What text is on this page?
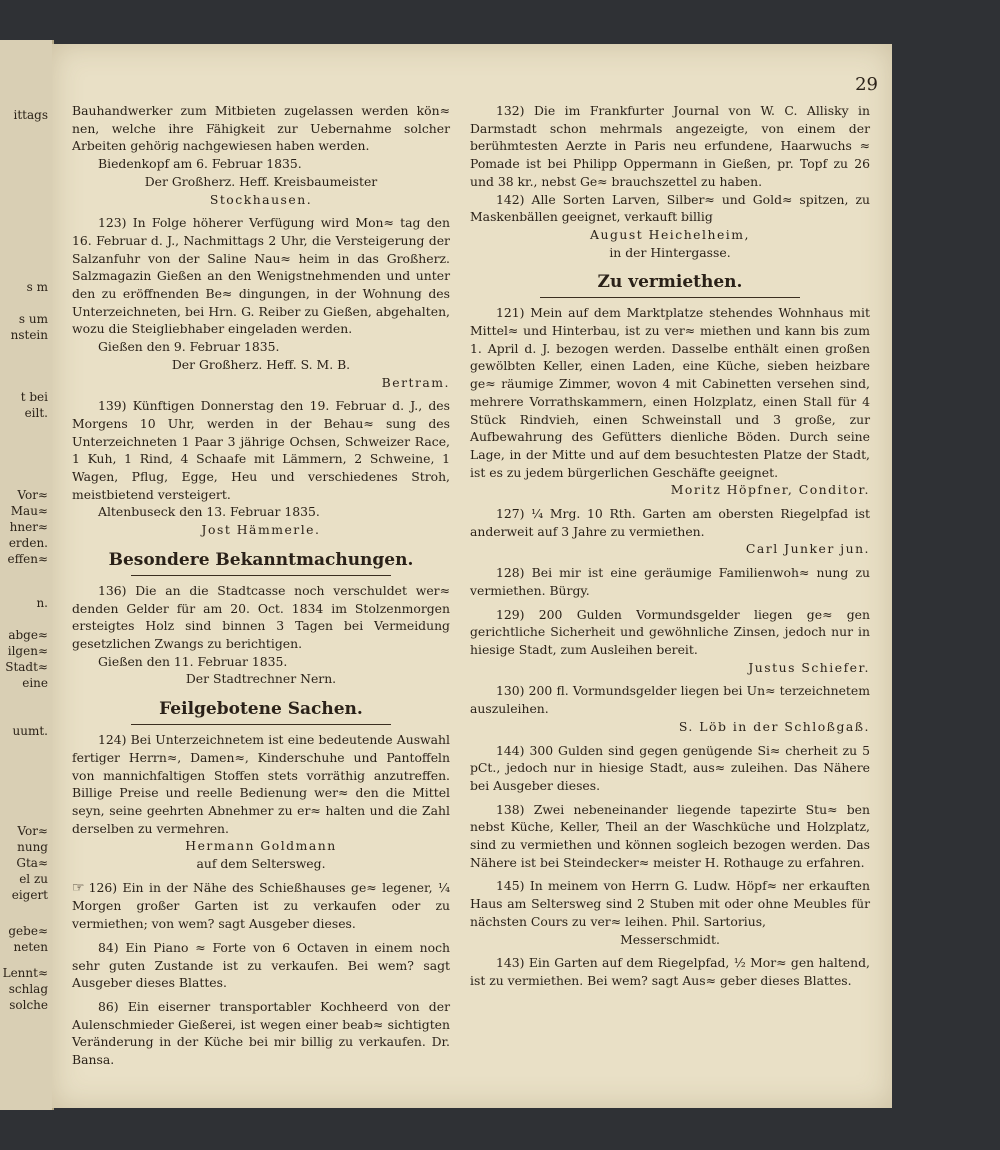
ittags
s m
s um
nstein
t bei
eilt.
Vor≈
Mau≈
hner≈
erden.
effen≈
n.
abge≈
ilgen≈
Stadt≈
eine
uumt.
Vor≈
nung
Gta≈
el zu
eigert
gebe≈
neten
Lennt≈
schlag
solche
29

Bauhandwerker zum Mitbieten zugelassen werden kön≈ nen, welche ihre Fähigkeit zur Uebernahme solcher Arbeiten gehörig nachgewiesen haben werden.

Biedenkopf am 6. Februar 1835.

Der Großherz. Heff. Kreisbaumeister

Stockhausen.

123) In Folge höherer Verfügung wird Mon≈ tag den 16. Februar d. J., Nachmittags 2 Uhr, die Versteigerung der Salzanfuhr von der Saline Nau≈ heim in das Großherz. Salzmagazin Gießen an den Wenigstnehmenden und unter den zu eröffnenden Be≈ dingungen, in der Wohnung des Unterzeichneten, bei Hrn. G. Reiber zu Gießen, abgehalten, wozu die Steigliebhaber eingeladen werden.

Gießen den 9. Februar 1835.

Der Großherz. Heff. S. M. B.

Bertram.

139) Künftigen Donnerstag den 19. Februar d. J., des Morgens 10 Uhr, werden in der Behau≈ sung des Unterzeichneten 1 Paar 3 jährige Ochsen, Schweizer Race, 1 Kuh, 1 Rind, 4 Schaafe mit Lämmern, 2 Schweine, 1 Wagen, Pflug, Egge, Heu und verschiedenes Stroh, meistbietend versteigert.

Altenbuseck den 13. Februar 1835.

Jost Hämmerle.

Besondere Bekanntmachungen.

136) Die an die Stadtcasse noch verschuldet wer≈ denden Gelder für am 20. Oct. 1834 im Stolzenmorgen ersteigtes Holz sind binnen 3 Tagen bei Vermeidung gesetzlichen Zwangs zu berichtigen.

Gießen den 11. Februar 1835.

Der Stadtrechner Nern.

Feilgebotene Sachen.

124) Bei Unterzeichnetem ist eine bedeutende Auswahl fertiger Herrn≈, Damen≈, Kinderschuhe und Pantoffeln von mannichfaltigen Stoffen stets vorräthig anzutreffen. Billige Preise und reelle Bedienung wer≈ den die Mittel seyn, seine geehrten Abnehmer zu er≈ halten und die Zahl derselben zu vermehren.

Hermann Goldmann

auf dem Seltersweg.

☞ 126) Ein in der Nähe des Schießhauses ge≈ legener, ¼ Morgen großer Garten ist zu verkaufen oder zu vermiethen; von wem? sagt Ausgeber dieses.

84) Ein Piano ≈ Forte von 6 Octaven in einem noch sehr guten Zustande ist zu verkaufen. Bei wem? sagt Ausgeber dieses Blattes.

86) Ein eiserner transportabler Kochheerd von der Aulenschmieder Gießerei, ist wegen einer beab≈ sichtigten Veränderung in der Küche bei mir billig zu verkaufen. Dr. Bansa.

132) Die im Frankfurter Journal von W. C. Allisky in Darmstadt schon mehrmals angezeigte, von einem der berühmtesten Aerzte in Paris neu erfundene, Haarwuchs ≈ Pomade ist bei Philipp Oppermann in Gießen, pr. Topf zu 26 und 38 kr., nebst Ge≈ brauchszettel zu haben.

142) Alle Sorten Larven, Silber≈ und Gold≈ spitzen, zu Maskenbällen geeignet, verkauft billig

August Heichelheim,

in der Hintergasse.

Zu vermiethen.

121) Mein auf dem Marktplatze stehendes Wohnhaus mit Mittel≈ und Hinterbau, ist zu ver≈ miethen und kann bis zum 1. April d. J. bezogen werden. Dasselbe enthält einen großen gewölbten Keller, einen Laden, eine Küche, sieben heizbare ge≈ räumige Zimmer, wovon 4 mit Cabinetten versehen sind, mehrere Vorrathskammern, einen Holzplatz, einen Stall für 4 Stück Rindvieh, einen Schweinstall und 3 große, zur Aufbewahrung des Gefütters dienliche Böden. Durch seine Lage, in der Mitte und auf dem besuchtesten Platze der Stadt, ist es zu jedem bürgerlichen Geschäfte geeignet.

Moritz Höpfner, Conditor.

127) ¼ Mrg. 10 Rth. Garten am obersten Riegelpfad ist anderweit auf 3 Jahre zu vermiethen.

Carl Junker jun.

128) Bei mir ist eine geräumige Familienwoh≈ nung zu vermiethen. Bürgy.

129) 200 Gulden Vormundsgelder liegen ge≈ gen gerichtliche Sicherheit und gewöhnliche Zinsen, jedoch nur in hiesige Stadt, zum Ausleihen bereit.

Justus Schiefer.

130) 200 fl. Vormundsgelder liegen bei Un≈ terzeichnetem auszuleihen.

S. Löb in der Schloßgaß.

144) 300 Gulden sind gegen genügende Si≈ cherheit zu 5 pCt., jedoch nur in hiesige Stadt, aus≈ zuleihen. Das Nähere bei Ausgeber dieses.

138) Zwei nebeneinander liegende tapezirte Stu≈ ben nebst Küche, Keller, Theil an der Waschküche und Holzplatz, sind zu vermiethen und können sogleich bezogen werden. Das Nähere ist bei Steindecker≈ meister H. Rothauge zu erfahren.

145) In meinem von Herrn G. Ludw. Höpf≈ ner erkauften Haus am Seltersweg sind 2 Stuben mit oder ohne Meubles für nächsten Cours zu ver≈ leihen. Phil. Sartorius,

Messerschmidt.

143) Ein Garten auf dem Riegelpfad, ½ Mor≈ gen haltend, ist zu vermiethen. Bei wem? sagt Aus≈ geber dieses Blattes.
